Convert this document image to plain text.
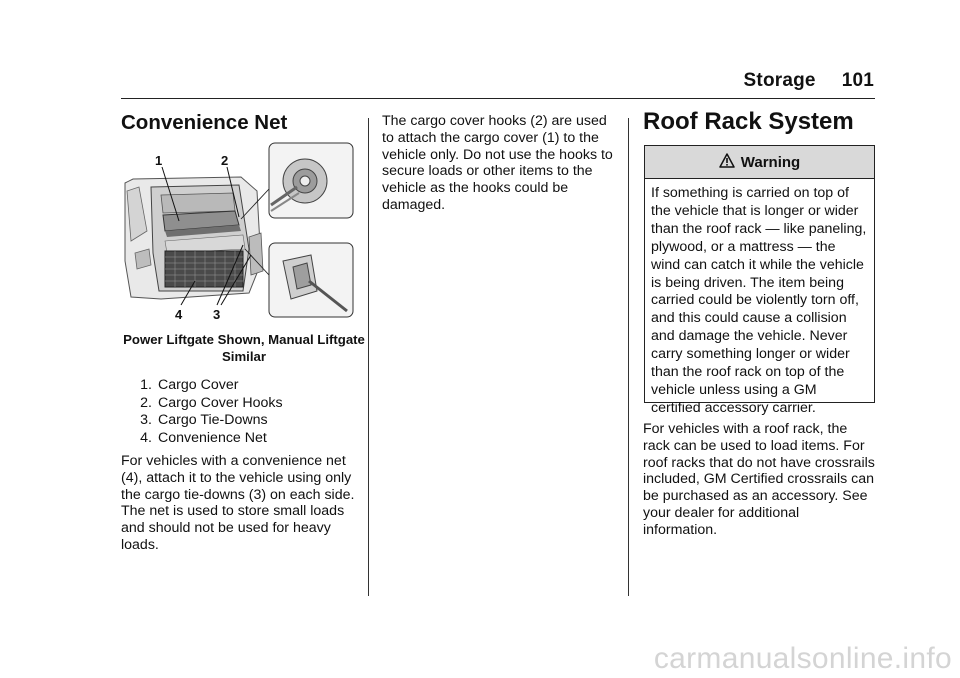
Storage 101
Convenience Net
1	2
4 3
Power Liftgate Shown, Manual Liftgate Similar
1. Cargo Cover
2. Cargo Cover Hooks
3. Cargo Tie-Downs
4. Convenience Net

For vehicles with a convenience net (4), attach it to the vehicle using only the cargo tie-downs (3) on each side. The net is used to store small loads and should not be used for heavy loads.

The cargo cover hooks (2) are used to attach the cargo cover (1) to the vehicle only. Do not use the hooks to secure loads or other items to the vehicle as the hooks could be damaged.

Roof Rack System
Warning
If something is carried on top of the vehicle that is longer or wider than the roof rack — like paneling, plywood, or a mattress — the wind can catch it while the vehicle is being driven. The item being carried could be violently torn off, and this could cause a collision and damage the vehicle. Never carry something longer or wider than the roof rack on top of the vehicle unless using a GM certified accessory carrier.

For vehicles with a roof rack, the rack can be used to load items. For roof racks that do not have crossrails included, GM Certified crossrails can be purchased as an accessory. See your dealer for additional information.

carmanualsonline.info
